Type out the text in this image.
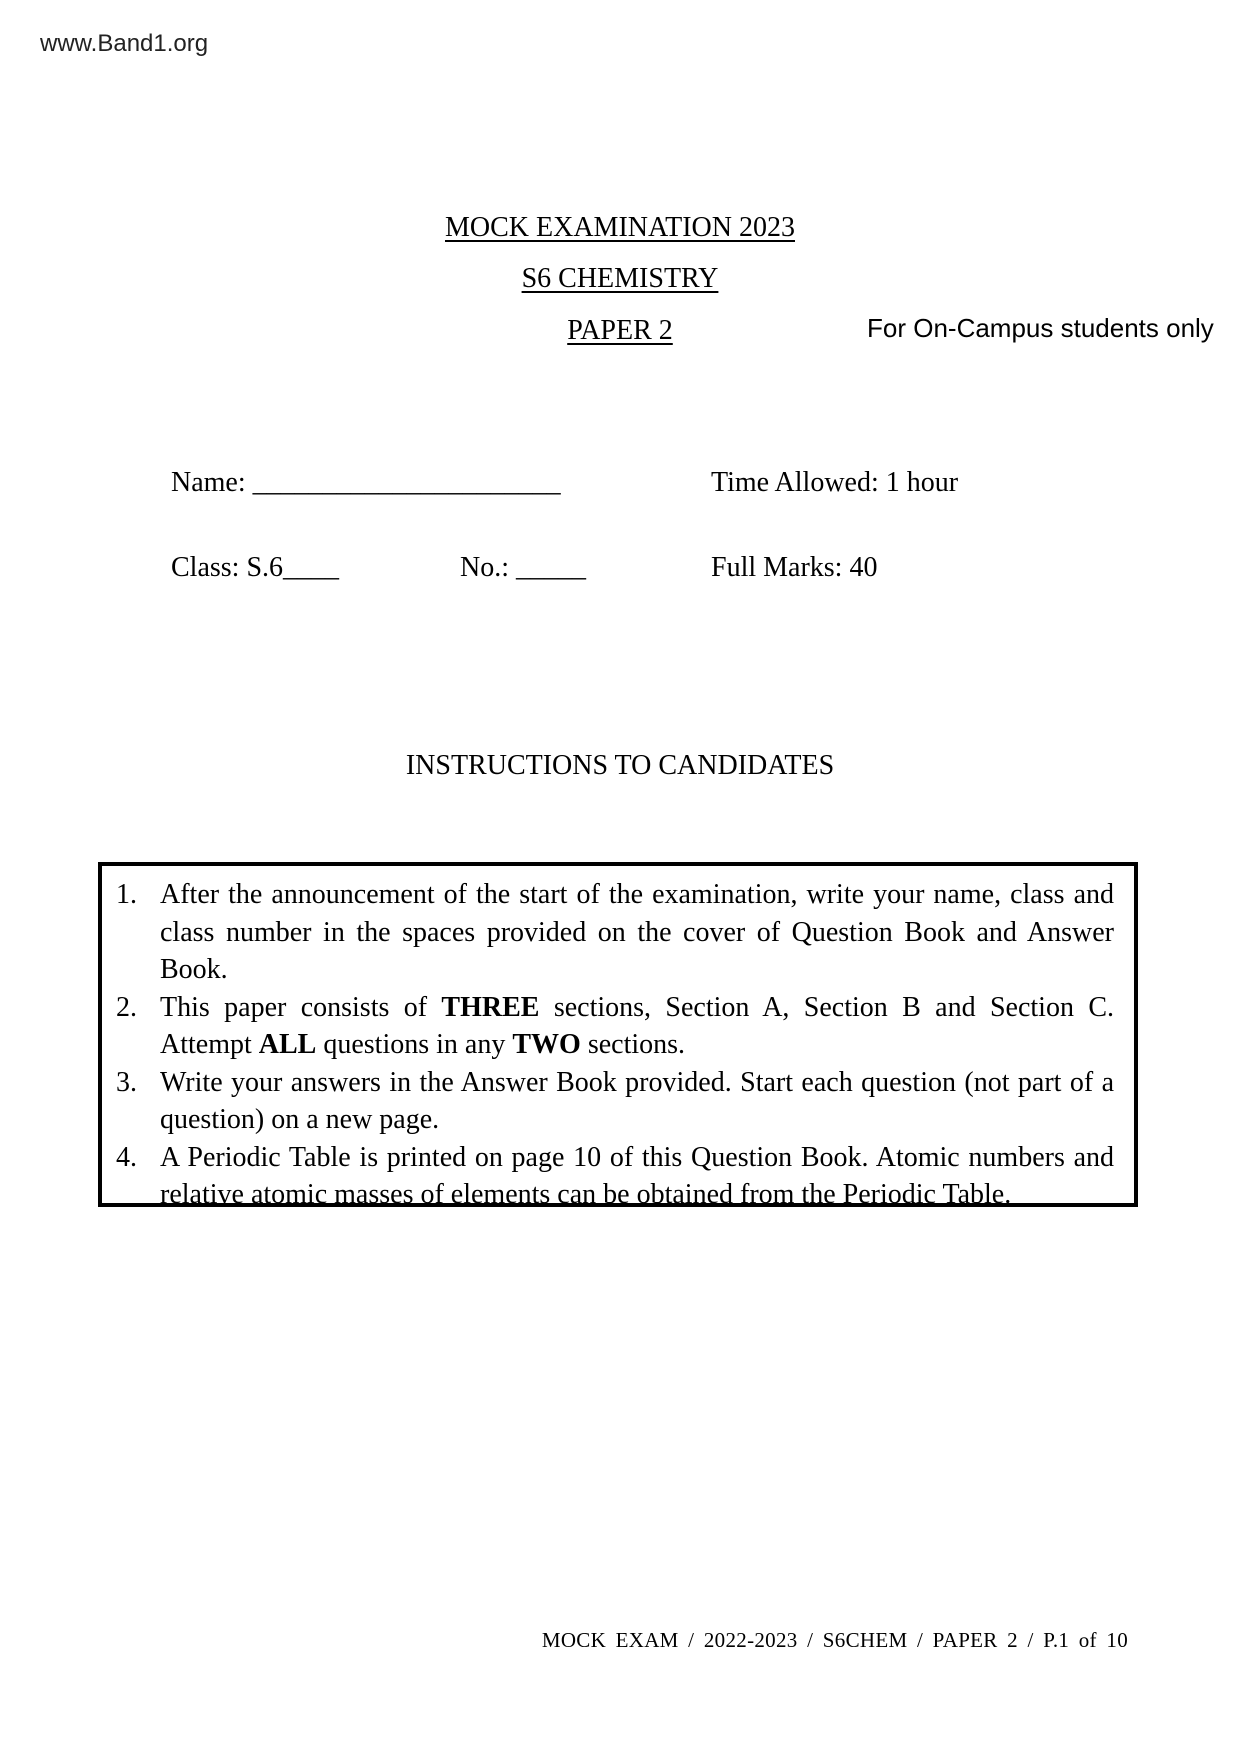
www.Band1.org
MOCK EXAMINATION 2023
S6 CHEMISTRY
PAPER 2	For On-Campus students only
Name: ______________________	Time Allowed: 1 hour
Class: S.6____	No.: _____	Full Marks: 40
INSTRUCTIONS TO CANDIDATES
1. After the announcement of the start of the examination, write your name, class and class number in the spaces provided on the cover of Question Book and Answer Book.
2. This paper consists of THREE sections, Section A, Section B and Section C. Attempt ALL questions in any TWO sections.
3. Write your answers in the Answer Book provided. Start each question (not part of a question) on a new page.
4. A Periodic Table is printed on page 10 of this Question Book. Atomic numbers and relative atomic masses of elements can be obtained from the Periodic Table.
MOCK EXAM / 2022-2023 / S6CHEM / PAPER 2 / P.1 of 10
